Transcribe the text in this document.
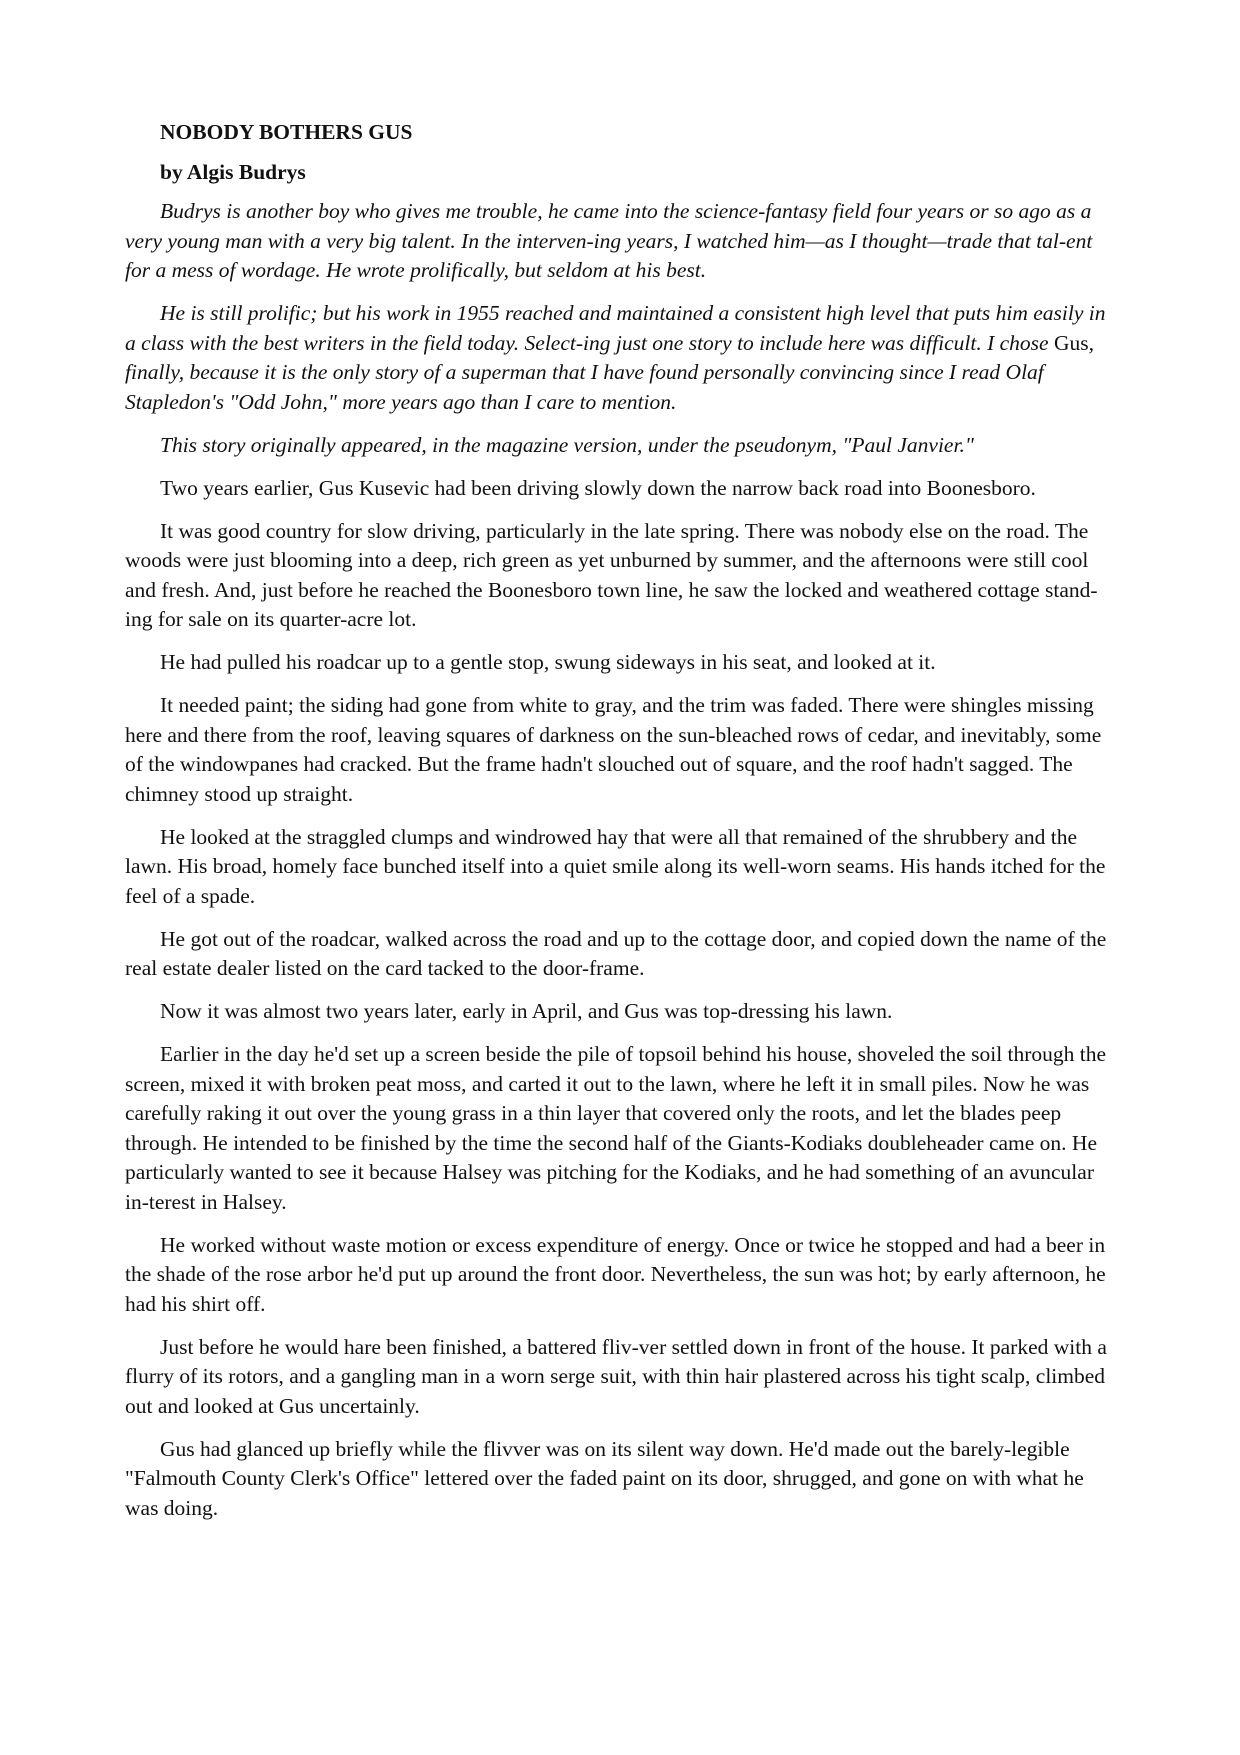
NOBODY BOTHERS GUS
by Algis Budrys

Budrys is another boy who gives me trouble, he came into the science-fantasy field four years or so ago as a very young man with a very big talent. In the interven-ing years, I watched him—as I thought—trade that tal-ent for a mess of wordage. He wrote prolifically, but seldom at his best.

He is still prolific; but his work in 1955 reached and maintained a consistent high level that puts him easily in a class with the best writers in the field today. Select-ing just one story to include here was difficult. I chose Gus, finally, because it is the only story of a superman that I have found personally convincing since I read Olaf Stapledon's "Odd John," more years ago than I care to mention.

This story originally appeared, in the magazine version, under the pseudonym, "Paul Janvier."

Two years earlier, Gus Kusevic had been driving slowly down the narrow back road into Boonesboro.

It was good country for slow driving, particularly in the late spring. There was nobody else on the road. The woods were just blooming into a deep, rich green as yet unburned by summer, and the afternoons were still cool and fresh. And, just before he reached the Boonesboro town line, he saw the locked and weathered cottage stand-ing for sale on its quarter-acre lot.

He had pulled his roadcar up to a gentle stop, swung sideways in his seat, and looked at it.

It needed paint; the siding had gone from white to gray, and the trim was faded. There were shingles missing here and there from the roof, leaving squares of darkness on the sun-bleached rows of cedar, and inevitably, some of the windowpanes had cracked. But the frame hadn't slouched out of square, and the roof hadn't sagged. The chimney stood up straight.

He looked at the straggled clumps and windrowed hay that were all that remained of the shrubbery and the lawn. His broad, homely face bunched itself into a quiet smile along its well-worn seams. His hands itched for the feel of a spade.

He got out of the roadcar, walked across the road and up to the cottage door, and copied down the name of the real estate dealer listed on the card tacked to the door-frame.

Now it was almost two years later, early in April, and Gus was top-dressing his lawn.

Earlier in the day he'd set up a screen beside the pile of topsoil behind his house, shoveled the soil through the screen, mixed it with broken peat moss, and carted it out to the lawn, where he left it in small piles. Now he was carefully raking it out over the young grass in a thin layer that covered only the roots, and let the blades peep through. He intended to be finished by the time the second half of the Giants-Kodiaks doubleheader came on. He particularly wanted to see it because Halsey was pitching for the Kodiaks, and he had something of an avuncular in-terest in Halsey.

He worked without waste motion or excess expenditure of energy. Once or twice he stopped and had a beer in the shade of the rose arbor he'd put up around the front door. Nevertheless, the sun was hot; by early afternoon, he had his shirt off.

Just before he would hare been finished, a battered fliv-ver settled down in front of the house. It parked with a flurry of its rotors, and a gangling man in a worn serge suit, with thin hair plastered across his tight scalp, climbed out and looked at Gus uncertainly.

Gus had glanced up briefly while the flivver was on its silent way down. He'd made out the barely-legible "Falmouth County Clerk's Office" lettered over the faded paint on its door, shrugged, and gone on with what he was doing.
